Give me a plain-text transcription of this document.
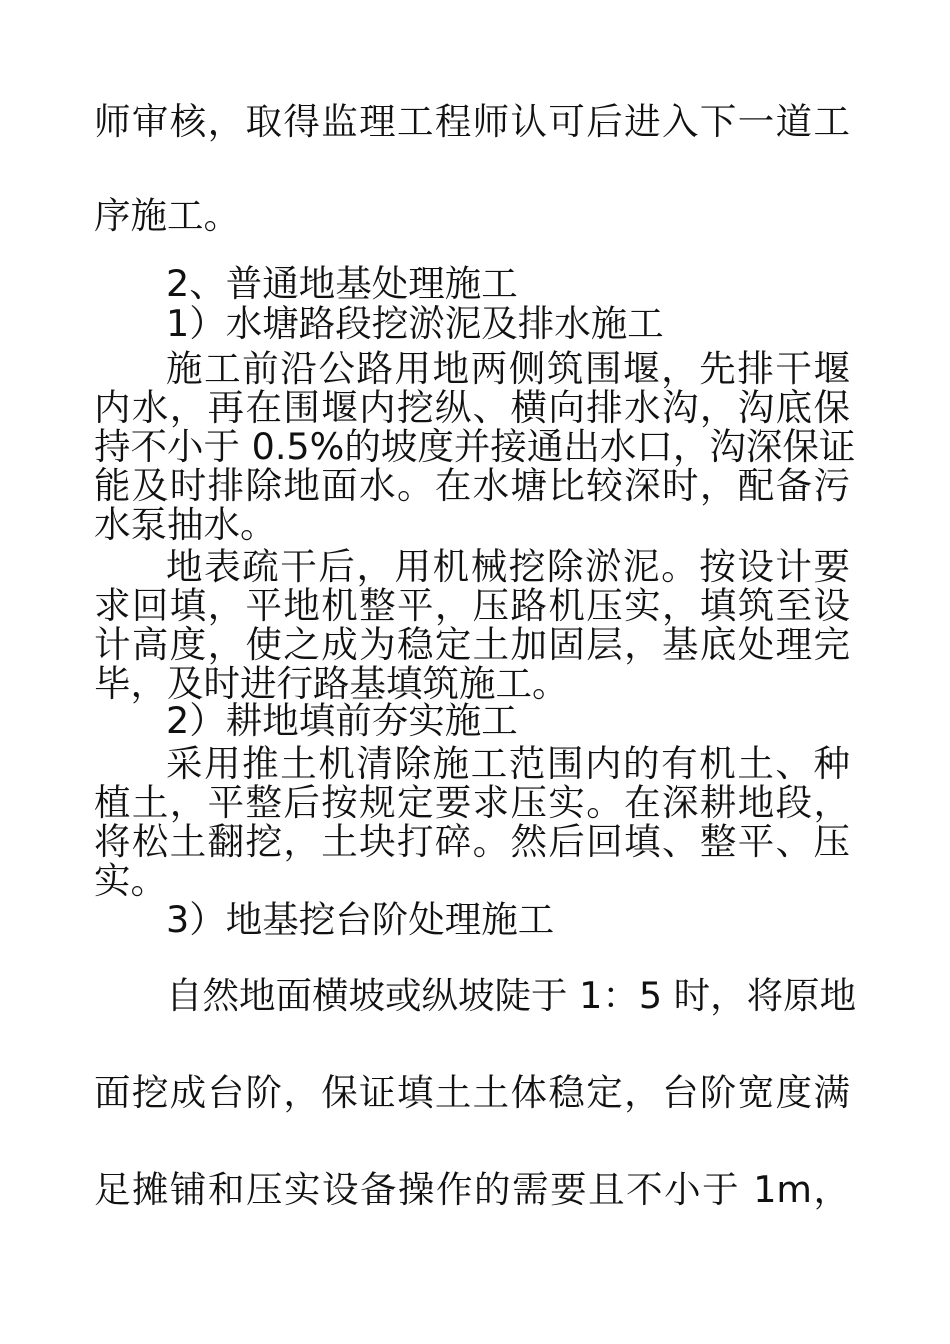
师审核，取得监理工程师认可后进入下一道工
序施工。
2、普通地基处理施工
1）水塘路段挖淤泥及排水施工
施工前沿公路用地两侧筑围堰，先排干堰
内水，再在围堰内挖纵、横向排水沟，沟底保
持不小于 0.5%的坡度并接通出水口，沟深保证
能及时排除地面水。在水塘比较深时，配备污
水泵抽水。
地表疏干后，用机械挖除淤泥。按设计要
求回填，平地机整平，压路机压实，填筑至设
计高度，使之成为稳定土加固层，基底处理完
毕，及时进行路基填筑施工。
2）耕地填前夯实施工
采用推土机清除施工范围内的有机土、种
植土，平整后按规定要求压实。在深耕地段，
将松土翻挖，土块打碎。然后回填、整平、压
实。
3）地基挖台阶处理施工
自然地面横坡或纵坡陡于 1：5 时，将原地
面挖成台阶，保证填土土体稳定，台阶宽度满
足摊铺和压实设备操作的需要且不小于 1m，
